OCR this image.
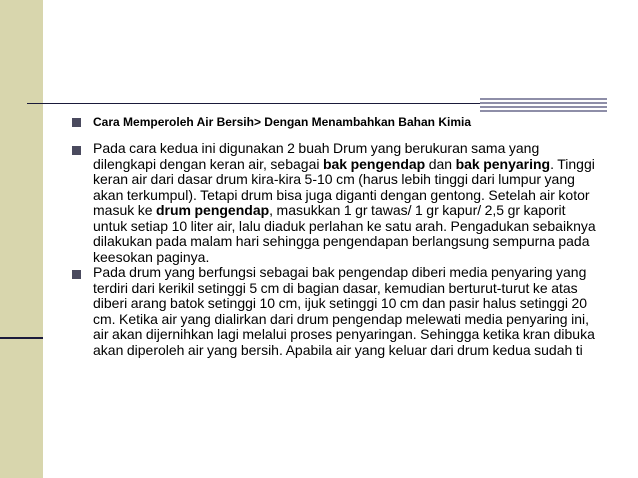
Cara Memperoleh Air Bersih> Dengan Menambahkan Bahan Kimia

Pada cara kedua ini digunakan 2 buah Drum yang berukuran sama yang dilengkapi dengan keran air, sebagai bak pengendap dan bak penyaring. Tinggi keran air dari dasar drum kira-kira 5-10 cm (harus lebih tinggi dari lumpur yang akan terkumpul). Tetapi drum bisa juga diganti dengan gentong. Setelah air kotor masuk ke drum pengendap, masukkan 1 gr tawas/ 1 gr kapur/ 2,5 gr kaporit untuk setiap 10 liter air, lalu diaduk perlahan ke satu arah. Pengadukan sebaiknya dilakukan pada malam hari sehingga pengendapan berlangsung sempurna pada keesokan paginya.

Pada drum yang berfungsi sebagai bak pengendap diberi media penyaring yang terdiri dari kerikil setinggi 5 cm di bagian dasar, kemudian berturut-turut ke atas diberi arang batok setinggi 10 cm, ijuk setinggi 10 cm dan pasir halus setinggi 20 cm. Ketika air yang dialirkan dari drum pengendap melewati media penyaring ini, air akan dijernihkan lagi melalui proses penyaringan. Sehingga ketika kran dibuka akan diperoleh air yang bersih. Apabila air yang keluar dari drum kedua sudah ti
